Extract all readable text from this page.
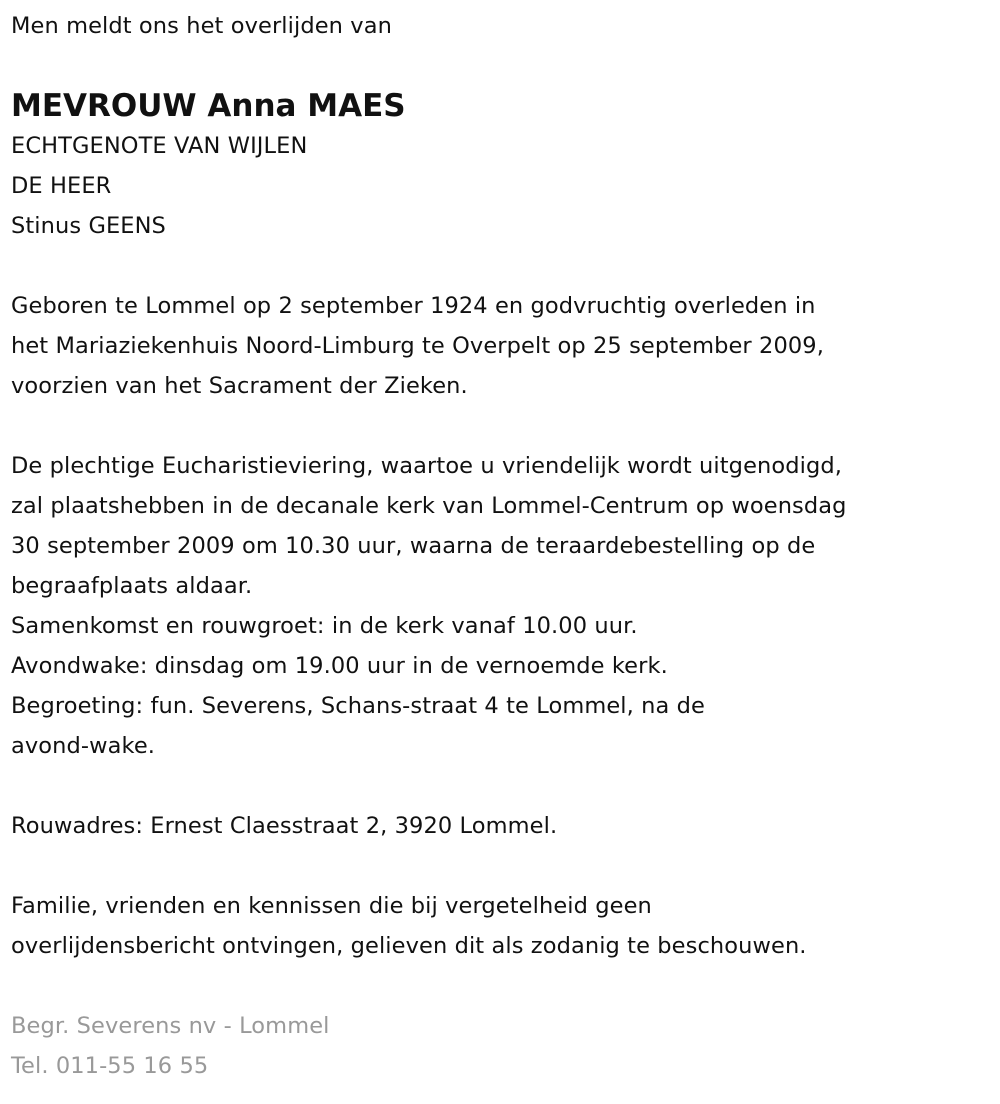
Men meldt ons het overlijden van
MEVROUW Anna MAES
ECHTGENOTE VAN WIJLEN
DE HEER
Stinus GEENS
Geboren te Lommel op 2 september 1924 en godvruchtig overleden in
het Mariaziekenhuis Noord-Limburg te Overpelt op 25 september 2009,
voorzien van het Sacrament der Zieken.
De plechtige Eucharistieviering, waartoe u vriendelijk wordt uitgenodigd,
zal plaatshebben in de decanale kerk van Lommel-Centrum op woensdag
30 september 2009 om 10.30 uur, waarna de teraardebestelling op de
begraafplaats aldaar.
Samenkomst en rouwgroet: in de kerk vanaf 10.00 uur.
Avondwake: dinsdag om 19.00 uur in de vernoemde kerk.
Begroeting: fun. Severens, Schans-straat 4 te Lommel, na de
avond-wake.
Rouwadres: Ernest Claesstraat 2, 3920 Lommel.
Familie, vrienden en kennissen die bij vergetelheid geen
overlijdensbericht ontvingen, gelieven dit als zodanig te beschouwen.
Begr. Severens nv - Lommel
Tel. 011-55 16 55
